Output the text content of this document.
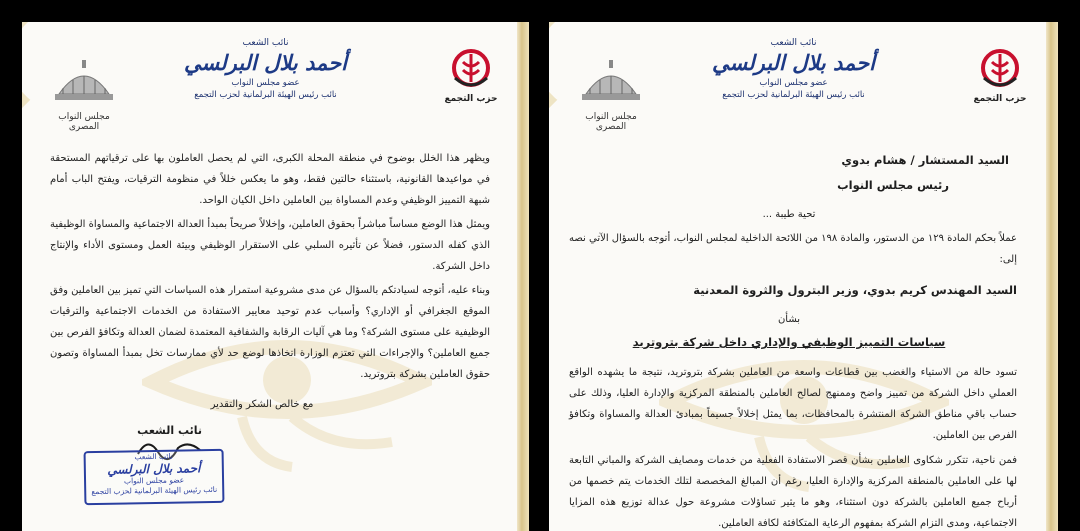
مجلس النواب المصرى
نائب الشعب
أحمد بلال البرلسي
عضو مجلس النواب
نائب رئيس الهيئة البرلمانية لحزب التجمع	حزب التجمع
ويظهر هذا الخلل بوضوح في منطقة المحلة الكبرى، التي لم يحصل العاملون بها على ترقياتهم المستحقة في مواعيدها القانونية، باستثناء حالتين فقط، وهو ما يعكس خللاً في منظومة الترقيات، ويفتح الباب أمام شبهة التمييز الوظيفي وعدم المساواة بين العاملين داخل الكيان الواحد.
ويمثل هذا الوضع مساساً مباشراً بحقوق العاملين، وإخلالاً صريحاً بمبدأ العدالة الاجتماعية والمساواة الوظيفية الذي كفله الدستور، فضلاً عن تأثيره السلبي على الاستقرار الوظيفي وبيئة العمل ومستوى الأداء والإنتاج داخل الشركة.
وبناء عليه، أتوجه لسيادتكم بالسؤال عن مدى مشروعية استمرار هذه السياسات التي تميز بين العاملين وفق الموقع الجغرافي أو الإداري؟ وأسباب عدم توحيد معايير الاستفادة من الخدمات الاجتماعية والترقيات الوظيفية على مستوى الشركة؟ وما هي آليات الرقابة والشفافية المعتمدة لضمان العدالة وتكافؤ الفرص بين جميع العاملين؟ والإجراءات التي تعتزم الوزارة اتخاذها لوضع حد لأي ممارسات تخل بمبدأ المساواة وتصون حقوق العاملين بشركة بتروتريد.
مع خالص الشكر والتقدير
نائب الشعب
نائب الشعب
أحمد بلال البرلسي
عضو مجلس النواب
نائب رئيس الهيئة البرلمانية لحزب التجمع
مجلس النواب المصرى
نائب الشعب
أحمد بلال البرلسي
عضو مجلس النواب
نائب رئيس الهيئة البرلمانية لحزب التجمع	حزب التجمع
السيد المستشار / هشام بدوي
رئيس مجلس النواب
تحية طيبة ...
عملاً بحكم المادة ١٢٩ من الدستور، والمادة ١٩٨ من اللائحة الداخلية لمجلس النواب، أتوجه بالسؤال الآتي نصه إلى:
السيد المهندس كريم بدوي، وزير البترول والثروة المعدنية
بشأن
سياسات التمييز الوظيفي والإداري داخل شركة بتروتريد
تسود حالة من الاستياء والغضب بين قطاعات واسعة من العاملين بشركة بتروتريد، نتيجة ما يشهده الواقع العملي داخل الشركة من تمييز واضح وممنهج لصالح العاملين بالمنطقة المركزية والإدارة العليا، وذلك على حساب باقي مناطق الشركة المنتشرة بالمحافظات، بما يمثل إخلالاً جسيماً بمبادئ العدالة والمساواة وتكافؤ الفرص بين العاملين.
فمن ناحية، تتكرر شكاوى العاملين بشأن قصر الاستفادة الفعلية من خدمات ومصايف الشركة والمباني التابعة لها على العاملين بالمنطقة المركزية والإدارة العليا، رغم أن المبالغ المخصصة لتلك الخدمات يتم خصمها من أرباح جميع العاملين بالشركة دون استثناء، وهو ما يثير تساؤلات مشروعة حول عدالة توزيع هذه المزايا الاجتماعية، ومدى التزام الشركة بمفهوم الرعاية المتكافئة لكافة العاملين.
